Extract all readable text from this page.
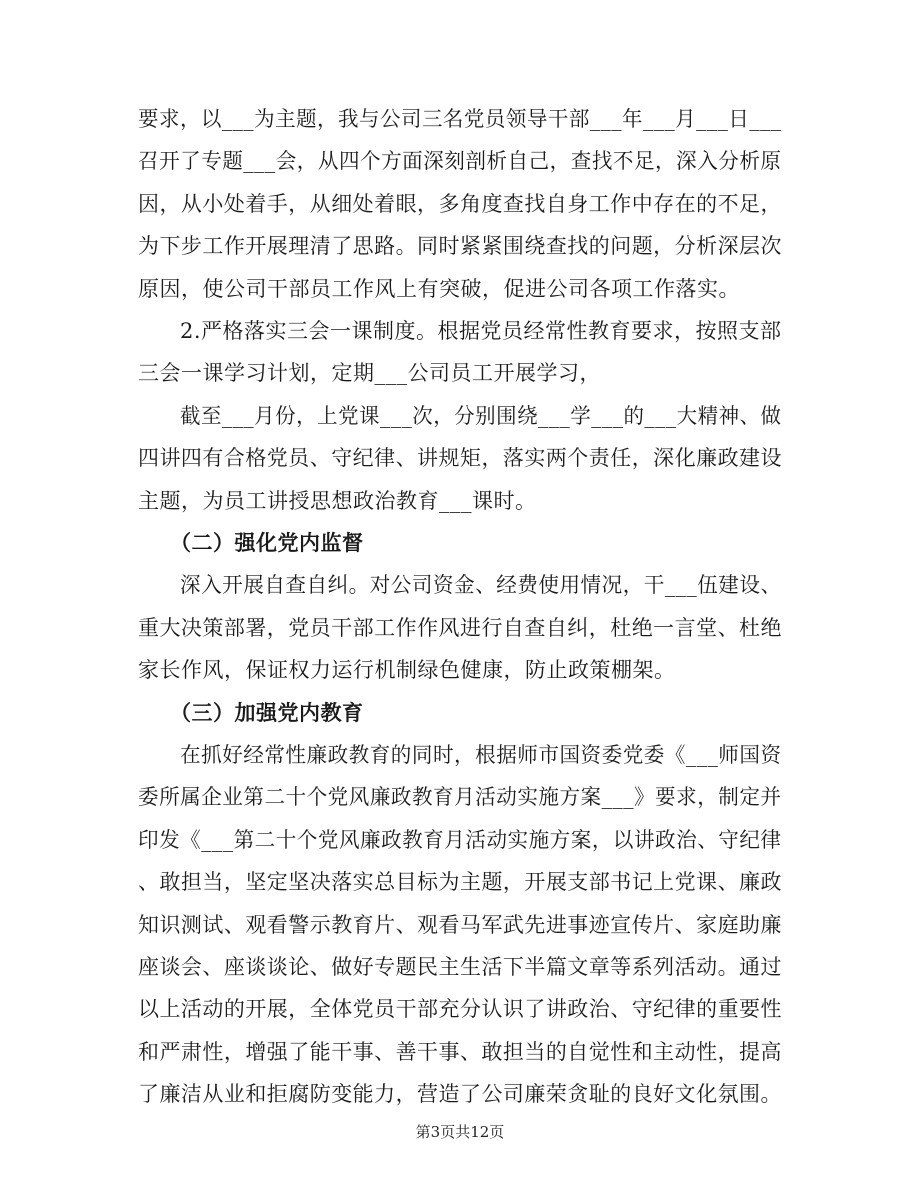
要求，以___为主题，我与公司三名党员领导干部___年___月___日___
召开了专题___会，从四个方面深刻剖析自己，查找不足，深入分析原
因，从小处着手，从细处着眼，多角度查找自身工作中存在的不足，
为下步工作开展理清了思路。同时紧紧围绕查找的问题，分析深层次
原因，使公司干部员工作风上有突破，促进公司各项工作落实。
2.严格落实三会一课制度。根据党员经常性教育要求，按照支部
三会一课学习计划，定期___公司员工开展学习，
截至___月份，上党课___次，分别围绕___学___的___大精神、做
四讲四有合格党员、守纪律、讲规矩，落实两个责任，深化廉政建设
主题，为员工讲授思想政治教育___课时。
（二）强化党内监督
深入开展自查自纠。对公司资金、经费使用情况，干___伍建设、
重大决策部署，党员干部工作作风进行自查自纠，杜绝一言堂、杜绝
家长作风，保证权力运行机制绿色健康，防止政策棚架。
（三）加强党内教育
在抓好经常性廉政教育的同时，根据师市国资委党委《___师国资
委所属企业第二十个党风廉政教育月活动实施方案___》要求，制定并
印发《___第二十个党风廉政教育月活动实施方案，以讲政治、守纪律
、敢担当，坚定坚决落实总目标为主题，开展支部书记上党课、廉政
知识测试、观看警示教育片、观看马军武先进事迹宣传片、家庭助廉
座谈会、座谈谈论、做好专题民主生活下半篇文章等系列活动。通过
以上活动的开展，全体党员干部充分认识了讲政治、守纪律的重要性
和严肃性，增强了能干事、善干事、敢担当的自觉性和主动性，提高
了廉洁从业和拒腐防变能力，营造了公司廉荣贪耻的良好文化氛围。
第3页共12页
